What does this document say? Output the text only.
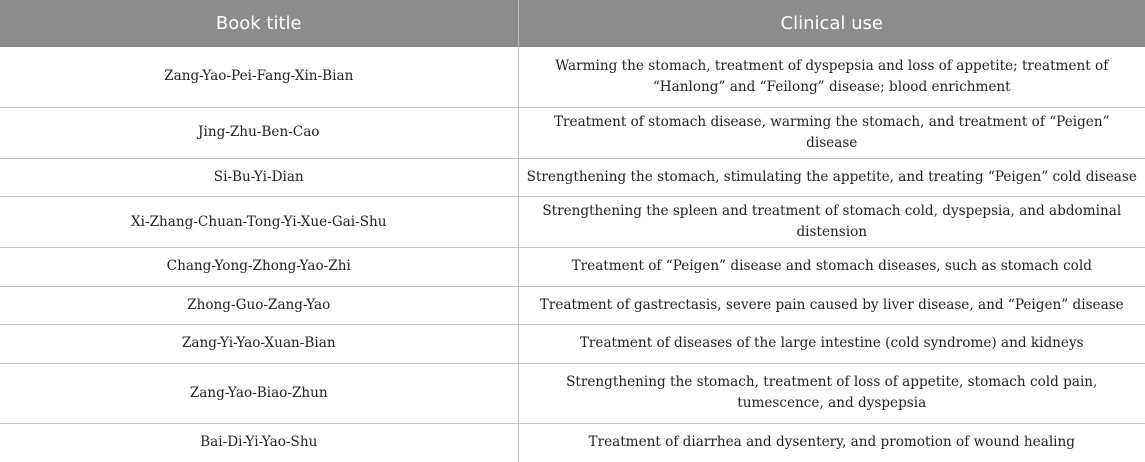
Book title	Clinical use
Zang-Yao-Pei-Fang-Xin-Bian	Warming the stomach, treatment of dyspepsia and loss of appetite; treatment of “Hanlong” and “Feilong” disease; blood enrichment
Jing-Zhu-Ben-Cao	Treatment of stomach disease, warming the stomach, and treatment of “Peigen” disease
Si-Bu-Yi-Dian	Strengthening the stomach, stimulating the appetite, and treating “Peigen” cold disease
Xi-Zhang-Chuan-Tong-Yi-Xue-Gai-Shu	Strengthening the spleen and treatment of stomach cold, dyspepsia, and abdominal distension
Chang-Yong-Zhong-Yao-Zhi	Treatment of “Peigen” disease and stomach diseases, such as stomach cold
Zhong-Guo-Zang-Yao	Treatment of gastrectasis, severe pain caused by liver disease, and “Peigen” disease
Zang-Yi-Yao-Xuan-Bian	Treatment of diseases of the large intestine (cold syndrome) and kidneys
Zang-Yao-Biao-Zhun	Strengthening the stomach, treatment of loss of appetite, stomach cold pain, tumescence, and dyspepsia
Bai-Di-Yi-Yao-Shu	Treatment of diarrhea and dysentery, and promotion of wound healing
